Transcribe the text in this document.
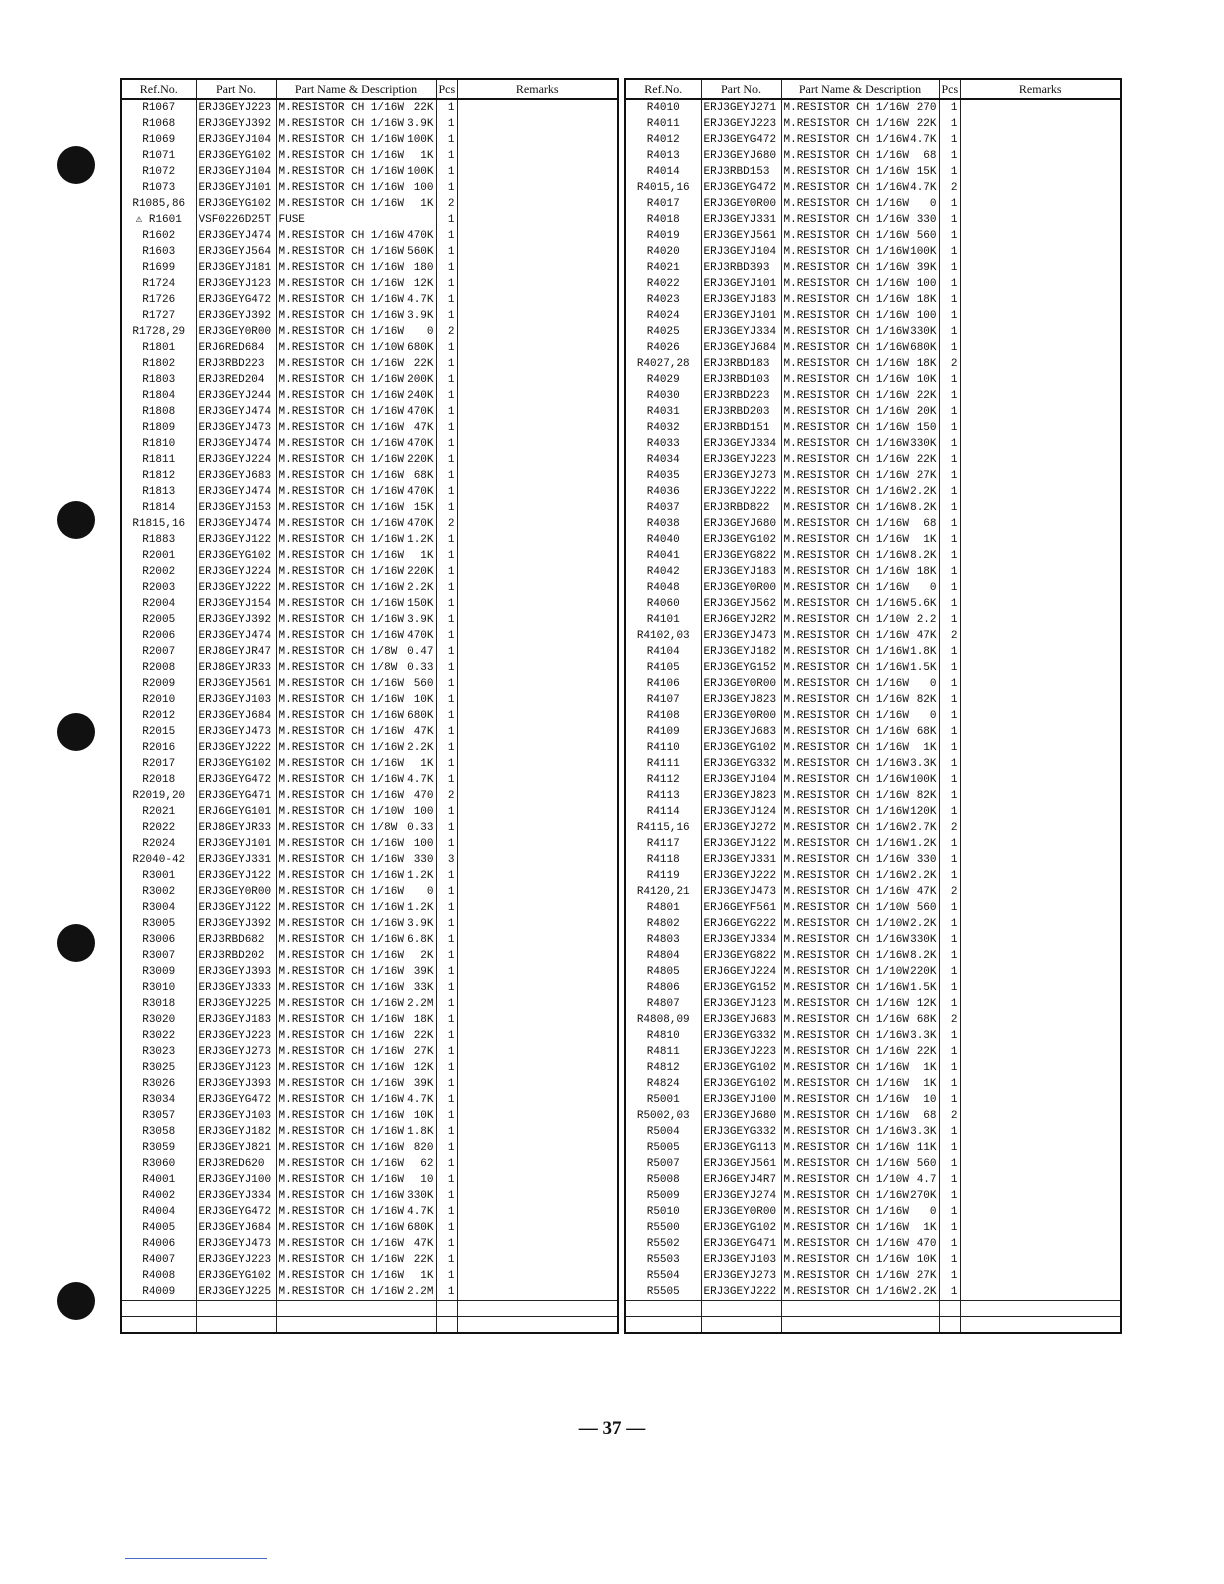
Ref.No.	Part No.	Part Name & Description	Pcs	Remarks
R1067	ERJ3GEYJ223	M.RESISTOR CH 1/16W 22K	1	
R1068	ERJ3GEYJ392	M.RESISTOR CH 1/16W 3.9K	1	
R1069	ERJ3GEYJ104	M.RESISTOR CH 1/16W 100K	1	
R1071	ERJ3GEYG102	M.RESISTOR CH 1/16W 1K	1	
R1072	ERJ3GEYJ104	M.RESISTOR CH 1/16W 100K	1	
R1073	ERJ3GEYJ101	M.RESISTOR CH 1/16W 100	1	
R1085,86	ERJ3GEYG102	M.RESISTOR CH 1/16W 1K	2	
⚠ R1601	VSF0226D25T	FUSE	1	
R1602	ERJ3GEYJ474	M.RESISTOR CH 1/16W 470K	1	
R1603	ERJ3GEYJ564	M.RESISTOR CH 1/16W 560K	1	
R1699	ERJ3GEYJ181	M.RESISTOR CH 1/16W 180	1	
R1724	ERJ3GEYJ123	M.RESISTOR CH 1/16W 12K	1	
R1726	ERJ3GEYG472	M.RESISTOR CH 1/16W 4.7K	1	
R1727	ERJ3GEYJ392	M.RESISTOR CH 1/16W 3.9K	1	
R1728,29	ERJ3GEY0R00	M.RESISTOR CH 1/16W 0	2	
R1801	ERJ6RED684	M.RESISTOR CH 1/10W 680K	1	
R1802	ERJ3RBD223	M.RESISTOR CH 1/16W 22K	1	
R1803	ERJ3RED204	M.RESISTOR CH 1/16W 200K	1	
R1804	ERJ3GEYJ244	M.RESISTOR CH 1/16W 240K	1	
R1808	ERJ3GEYJ474	M.RESISTOR CH 1/16W 470K	1	
R1809	ERJ3GEYJ473	M.RESISTOR CH 1/16W 47K	1	
R1810	ERJ3GEYJ474	M.RESISTOR CH 1/16W 470K	1	
R1811	ERJ3GEYJ224	M.RESISTOR CH 1/16W 220K	1	
R1812	ERJ3GEYJ683	M.RESISTOR CH 1/16W 68K	1	
R1813	ERJ3GEYJ474	M.RESISTOR CH 1/16W 470K	1	
R1814	ERJ3GEYJ153	M.RESISTOR CH 1/16W 15K	1	
R1815,16	ERJ3GEYJ474	M.RESISTOR CH 1/16W 470K	2	
R1883	ERJ3GEYJ122	M.RESISTOR CH 1/16W 1.2K	1	
R2001	ERJ3GEYG102	M.RESISTOR CH 1/16W 1K	1	
R2002	ERJ3GEYJ224	M.RESISTOR CH 1/16W 220K	1	
R2003	ERJ3GEYJ222	M.RESISTOR CH 1/16W 2.2K	1	
R2004	ERJ3GEYJ154	M.RESISTOR CH 1/16W 150K	1	
R2005	ERJ3GEYJ392	M.RESISTOR CH 1/16W 3.9K	1	
R2006	ERJ3GEYJ474	M.RESISTOR CH 1/16W 470K	1	
R2007	ERJ8GEYJR47	M.RESISTOR CH 1/8W 0.47	1	
R2008	ERJ8GEYJR33	M.RESISTOR CH 1/8W 0.33	1	
R2009	ERJ3GEYJ561	M.RESISTOR CH 1/16W 560	1	
R2010	ERJ3GEYJ103	M.RESISTOR CH 1/16W 10K	1	
R2012	ERJ3GEYJ684	M.RESISTOR CH 1/16W 680K	1	
R2015	ERJ3GEYJ473	M.RESISTOR CH 1/16W 47K	1	
R2016	ERJ3GEYJ222	M.RESISTOR CH 1/16W 2.2K	1	
R2017	ERJ3GEYG102	M.RESISTOR CH 1/16W 1K	1	
R2018	ERJ3GEYG472	M.RESISTOR CH 1/16W 4.7K	1	
R2019,20	ERJ3GEYG471	M.RESISTOR CH 1/16W 470	2	
R2021	ERJ6GEYG101	M.RESISTOR CH 1/10W 100	1	
R2022	ERJ8GEYJR33	M.RESISTOR CH 1/8W 0.33	1	
R2024	ERJ3GEYJ101	M.RESISTOR CH 1/16W 100	1	
R2040-42	ERJ3GEYJ331	M.RESISTOR CH 1/16W 330	3	
R3001	ERJ3GEYJ122	M.RESISTOR CH 1/16W 1.2K	1	
R3002	ERJ3GEY0R00	M.RESISTOR CH 1/16W 0	1	
R3004	ERJ3GEYJ122	M.RESISTOR CH 1/16W 1.2K	1	
R3005	ERJ3GEYJ392	M.RESISTOR CH 1/16W 3.9K	1	
R3006	ERJ3RBD682	M.RESISTOR CH 1/16W 6.8K	1	
R3007	ERJ3RBD202	M.RESISTOR CH 1/16W 2K	1	
R3009	ERJ3GEYJ393	M.RESISTOR CH 1/16W 39K	1	
R3010	ERJ3GEYJ333	M.RESISTOR CH 1/16W 33K	1	
R3018	ERJ3GEYJ225	M.RESISTOR CH 1/16W 2.2M	1	
R3020	ERJ3GEYJ183	M.RESISTOR CH 1/16W 18K	1	
R3022	ERJ3GEYJ223	M.RESISTOR CH 1/16W 22K	1	
R3023	ERJ3GEYJ273	M.RESISTOR CH 1/16W 27K	1	
R3025	ERJ3GEYJ123	M.RESISTOR CH 1/16W 12K	1	
R3026	ERJ3GEYJ393	M.RESISTOR CH 1/16W 39K	1	
R3034	ERJ3GEYG472	M.RESISTOR CH 1/16W 4.7K	1	
R3057	ERJ3GEYJ103	M.RESISTOR CH 1/16W 10K	1	
R3058	ERJ3GEYJ182	M.RESISTOR CH 1/16W 1.8K	1	
R3059	ERJ3GEYJ821	M.RESISTOR CH 1/16W 820	1	
R3060	ERJ3RED620	M.RESISTOR CH 1/16W 62	1	
R4001	ERJ3GEYJ100	M.RESISTOR CH 1/16W 10	1	
R4002	ERJ3GEYJ334	M.RESISTOR CH 1/16W 330K	1	
R4004	ERJ3GEYG472	M.RESISTOR CH 1/16W 4.7K	1	
R4005	ERJ3GEYJ684	M.RESISTOR CH 1/16W 680K	1	
R4006	ERJ3GEYJ473	M.RESISTOR CH 1/16W 47K	1	
R4007	ERJ3GEYJ223	M.RESISTOR CH 1/16W 22K	1	
R4008	ERJ3GEYG102	M.RESISTOR CH 1/16W 1K	1	
R4009	ERJ3GEYJ225	M.RESISTOR CH 1/16W 2.2M	1	

Ref.No.	Part No.	Part Name & Description	Pcs	Remarks
R4010	ERJ3GEYJ271	M.RESISTOR CH 1/16W 270	1	
R4011	ERJ3GEYJ223	M.RESISTOR CH 1/16W 22K	1	
R4012	ERJ3GEYG472	M.RESISTOR CH 1/16W 4.7K	1	
R4013	ERJ3GEYJ680	M.RESISTOR CH 1/16W 68	1	
R4014	ERJ3RBD153	M.RESISTOR CH 1/16W 15K	1	
R4015,16	ERJ3GEYG472	M.RESISTOR CH 1/16W 4.7K	2	
R4017	ERJ3GEY0R00	M.RESISTOR CH 1/16W 0	1	
R4018	ERJ3GEYJ331	M.RESISTOR CH 1/16W 330	1	
R4019	ERJ3GEYJ561	M.RESISTOR CH 1/16W 560	1	
R4020	ERJ3GEYJ104	M.RESISTOR CH 1/16W 100K	1	
R4021	ERJ3RBD393	M.RESISTOR CH 1/16W 39K	1	
R4022	ERJ3GEYJ101	M.RESISTOR CH 1/16W 100	1	
R4023	ERJ3GEYJ183	M.RESISTOR CH 1/16W 18K	1	
R4024	ERJ3GEYJ101	M.RESISTOR CH 1/16W 100	1	
R4025	ERJ3GEYJ334	M.RESISTOR CH 1/16W 330K	1	
R4026	ERJ3GEYJ684	M.RESISTOR CH 1/16W 680K	1	
R4027,28	ERJ3RBD183	M.RESISTOR CH 1/16W 18K	2	
R4029	ERJ3RBD103	M.RESISTOR CH 1/16W 10K	1	
R4030	ERJ3RBD223	M.RESISTOR CH 1/16W 22K	1	
R4031	ERJ3RBD203	M.RESISTOR CH 1/16W 20K	1	
R4032	ERJ3RBD151	M.RESISTOR CH 1/16W 150	1	
R4033	ERJ3GEYJ334	M.RESISTOR CH 1/16W 330K	1	
R4034	ERJ3GEYJ223	M.RESISTOR CH 1/16W 22K	1	
R4035	ERJ3GEYJ273	M.RESISTOR CH 1/16W 27K	1	
R4036	ERJ3GEYJ222	M.RESISTOR CH 1/16W 2.2K	1	
R4037	ERJ3RBD822	M.RESISTOR CH 1/16W 8.2K	1	
R4038	ERJ3GEYJ680	M.RESISTOR CH 1/16W 68	1	
R4040	ERJ3GEYG102	M.RESISTOR CH 1/16W 1K	1	
R4041	ERJ3GEYG822	M.RESISTOR CH 1/16W 8.2K	1	
R4042	ERJ3GEYJ183	M.RESISTOR CH 1/16W 18K	1	
R4048	ERJ3GEY0R00	M.RESISTOR CH 1/16W 0	1	
R4060	ERJ3GEYJ562	M.RESISTOR CH 1/16W 5.6K	1	
R4101	ERJ6GEYJ2R2	M.RESISTOR CH 1/10W 2.2	1	
R4102,03	ERJ3GEYJ473	M.RESISTOR CH 1/16W 47K	2	
R4104	ERJ3GEYJ182	M.RESISTOR CH 1/16W 1.8K	1	
R4105	ERJ3GEYG152	M.RESISTOR CH 1/16W 1.5K	1	
R4106	ERJ3GEY0R00	M.RESISTOR CH 1/16W 0	1	
R4107	ERJ3GEYJ823	M.RESISTOR CH 1/16W 82K	1	
R4108	ERJ3GEY0R00	M.RESISTOR CH 1/16W 0	1	
R4109	ERJ3GEYJ683	M.RESISTOR CH 1/16W 68K	1	
R4110	ERJ3GEYG102	M.RESISTOR CH 1/16W 1K	1	
R4111	ERJ3GEYG332	M.RESISTOR CH 1/16W 3.3K	1	
R4112	ERJ3GEYJ104	M.RESISTOR CH 1/16W 100K	1	
R4113	ERJ3GEYJ823	M.RESISTOR CH 1/16W 82K	1	
R4114	ERJ3GEYJ124	M.RESISTOR CH 1/16W 120K	1	
R4115,16	ERJ3GEYJ272	M.RESISTOR CH 1/16W 2.7K	2	
R4117	ERJ3GEYJ122	M.RESISTOR CH 1/16W 1.2K	1	
R4118	ERJ3GEYJ331	M.RESISTOR CH 1/16W 330	1	
R4119	ERJ3GEYJ222	M.RESISTOR CH 1/16W 2.2K	1	
R4120,21	ERJ3GEYJ473	M.RESISTOR CH 1/16W 47K	2	
R4801	ERJ6GEYF561	M.RESISTOR CH 1/10W 560	1	
R4802	ERJ6GEYG222	M.RESISTOR CH 1/10W 2.2K	1	
R4803	ERJ3GEYJ334	M.RESISTOR CH 1/16W 330K	1	
R4804	ERJ3GEYG822	M.RESISTOR CH 1/16W 8.2K	1	
R4805	ERJ6GEYJ224	M.RESISTOR CH 1/10W 220K	1	
R4806	ERJ3GEYG152	M.RESISTOR CH 1/16W 1.5K	1	
R4807	ERJ3GEYJ123	M.RESISTOR CH 1/16W 12K	1	
R4808,09	ERJ3GEYJ683	M.RESISTOR CH 1/16W 68K	2	
R4810	ERJ3GEYG332	M.RESISTOR CH 1/16W 3.3K	1	
R4811	ERJ3GEYJ223	M.RESISTOR CH 1/16W 22K	1	
R4812	ERJ3GEYG102	M.RESISTOR CH 1/16W 1K	1	
R4824	ERJ3GEYG102	M.RESISTOR CH 1/16W 1K	1	
R5001	ERJ3GEYJ100	M.RESISTOR CH 1/16W 10	1	
R5002,03	ERJ3GEYJ680	M.RESISTOR CH 1/16W 68	2	
R5004	ERJ3GEYG332	M.RESISTOR CH 1/16W 3.3K	1	
R5005	ERJ3GEYG113	M.RESISTOR CH 1/16W 11K	1	
R5007	ERJ3GEYJ561	M.RESISTOR CH 1/16W 560	1	
R5008	ERJ6GEYJ4R7	M.RESISTOR CH 1/10W 4.7	1	
R5009	ERJ3GEYJ274	M.RESISTOR CH 1/16W 270K	1	
R5010	ERJ3GEY0R00	M.RESISTOR CH 1/16W 0	1	
R5500	ERJ3GEYG102	M.RESISTOR CH 1/16W 1K	1	
R5502	ERJ3GEYG471	M.RESISTOR CH 1/16W 470	1	
R5503	ERJ3GEYJ103	M.RESISTOR CH 1/16W 10K	1	
R5504	ERJ3GEYJ273	M.RESISTOR CH 1/16W 27K	1	
R5505	ERJ3GEYJ222	M.RESISTOR CH 1/16W 2.2K	1	

— 37 —
